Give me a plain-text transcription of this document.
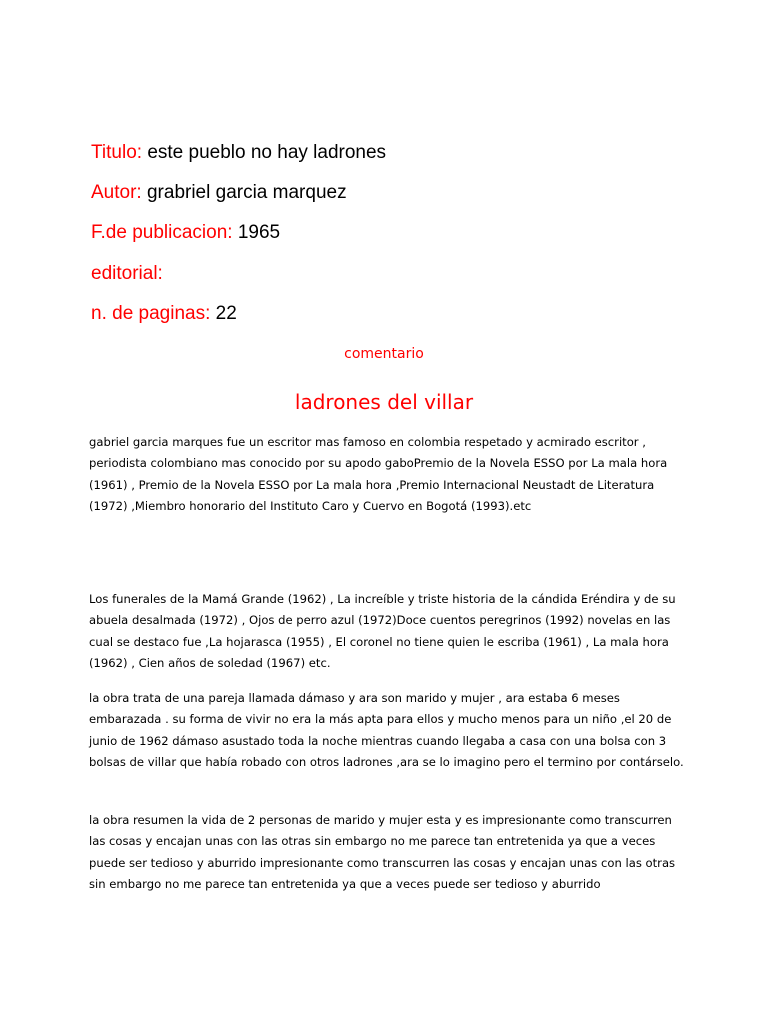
Titulo: este pueblo no hay ladrones
Autor: grabriel garcia marquez
F.de publicacion: 1965
editorial:
n. de paginas: 22
comentario
ladrones del villar

gabriel garcia marques fue un escritor mas famoso en colombia respetado y acmirado escritor , periodista colombiano mas conocido por su apodo gaboPremio de la Novela ESSO por La mala hora (1961) , Premio de la Novela ESSO por La mala hora ,Premio Internacional Neustadt de Literatura (1972) ,Miembro honorario del Instituto Caro y Cuervo en Bogotá (1993).etc

Los funerales de la Mamá Grande (1962) , La increíble y triste historia de la cándida Eréndira y de su abuela desalmada (1972) , Ojos de perro azul (1972)Doce cuentos peregrinos (1992) novelas en las cual se destaco fue ,La hojarasca (1955) , El coronel no tiene quien le escriba (1961) , La mala hora (1962) , Cien años de soledad (1967) etc.

la obra trata de una pareja llamada dámaso y ara son marido y mujer , ara estaba 6 meses embarazada . su forma de vivir no era la más apta para ellos y mucho menos para un niño ,el 20 de junio de 1962 dámaso asustado toda la noche mientras cuando llegaba a casa con una bolsa con 3 bolsas de villar que había robado con otros ladrones ,ara se lo imagino pero el termino por contárselo.

la obra resumen la vida de 2 personas de marido y mujer esta y es impresionante como transcurren las cosas y encajan unas con las otras sin embargo no me parece tan entretenida ya que a veces puede ser tedioso y aburrido impresionante como transcurren las cosas y encajan unas con las otras sin embargo no me parece tan entretenida ya que a veces puede ser tedioso y aburrido
